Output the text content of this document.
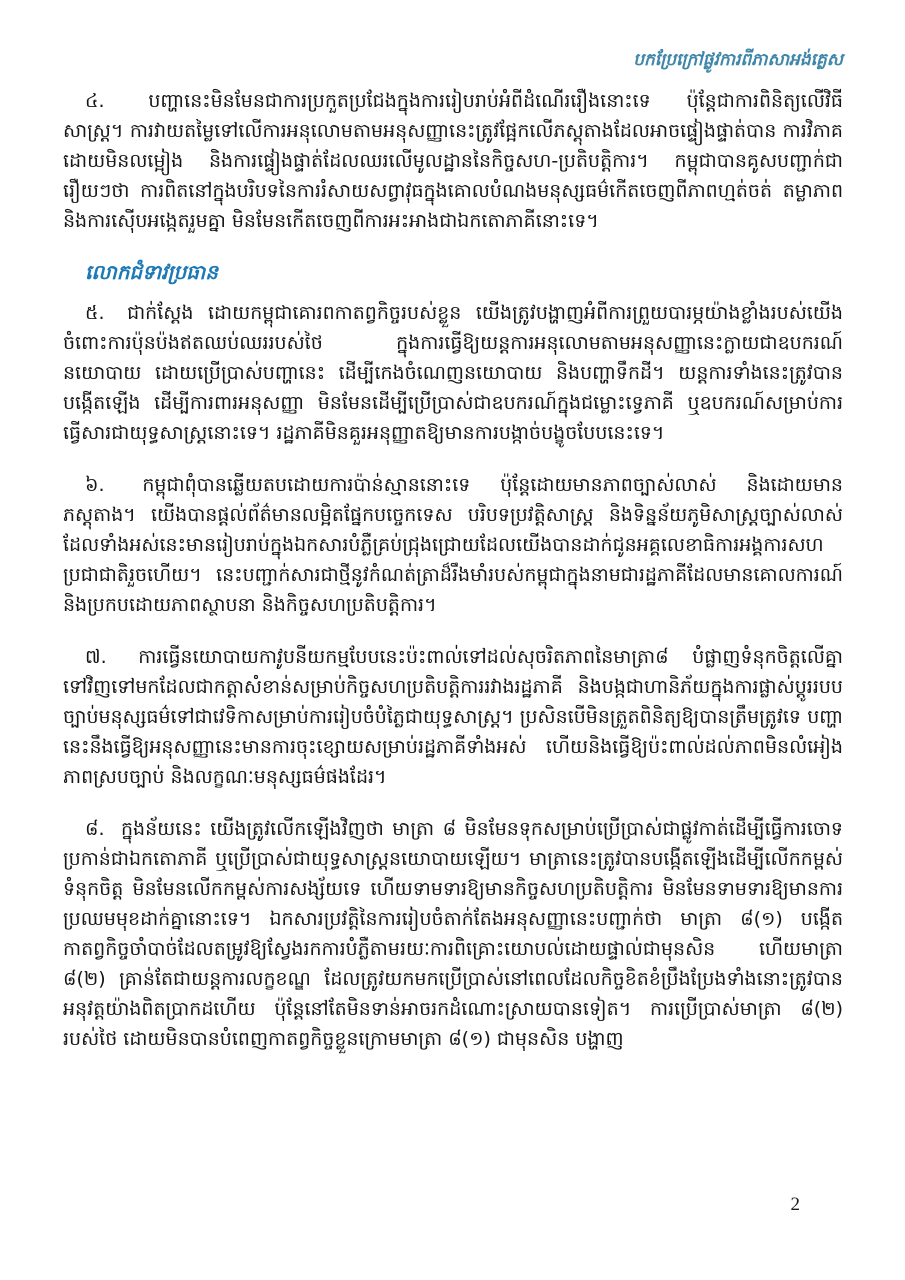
បកប្រែក្រៅផ្លូវការពីភាសាអង់គ្លេស

៤. បញ្ហានេះមិនមែនជាការប្រកួតប្រជែងក្នុងការរៀបរាប់អំពីដំណើររឿងនោះទេ ប៉ុន្តែជាការពិនិត្យលើវិធីសាស្ត្រ។ ការវាយតម្លៃទៅលើការអនុលោមតាមអនុសញ្ញានេះត្រូវផ្អែកលើភស្តុតាងដែលអាចផ្ទៀងផ្ទាត់បាន ការវិភាគដោយមិនលម្អៀង និងការផ្ទៀងផ្ទាត់ដែលឈរលើមូលដ្ឋាននៃកិច្ចសហ-ប្រតិបត្តិការ។ កម្ពុជាបានគូសបញ្ជាក់ជារឿយៗថា ការពិតនៅក្នុងបរិបទនៃការរំសាយសព្វាវុធក្នុងគោលបំណងមនុស្សធម៌កើតចេញពីភាពហ្មត់ចត់ តម្លាភាព និងការស៊ើបអង្កេតរួមគ្នា មិនមែនកើតចេញពីការអះអាងជាឯកតោភាគីនោះទេ។

លោកជំទាវប្រធាន

៥. ជាក់ស្តែង ដោយកម្ពុជាគោរពកាតព្វកិច្ចរបស់ខ្លួន យើងត្រូវបង្ហាញអំពីការព្រួយបារម្ភយ៉ាងខ្លាំងរបស់យើងចំពោះការប៉ុនប៉ងឥតឈប់ឈររបស់ថៃ ក្នុងការធ្វើឱ្យយន្តការអនុលោមតាមអនុសញ្ញានេះក្លាយជាឧបករណ៍នយោបាយ ដោយប្រើប្រាស់បញ្ហានេះ ដើម្បីកេងចំណេញនយោបាយ និងបញ្ហាទឹកដី។ យន្តការទាំងនេះត្រូវបានបង្កើតឡើង ដើម្បីការពារអនុសញ្ញា មិនមែនដើម្បីប្រើប្រាស់ជាឧបករណ៍ក្នុងជម្លោះទ្វេភាគី ឬឧបករណ៍សម្រាប់ការធ្វើសារជាយុទ្ធសាស្ត្រនោះទេ។ រដ្ឋភាគីមិនគួរអនុញ្ញាតឱ្យមានការបង្កាច់បង្ខូចបែបនេះទេ។

៦. កម្ពុជាពុំបានឆ្លើយតបដោយការប៉ាន់ស្មាននោះទេ ប៉ុន្តែដោយមានភាពច្បាស់លាស់ និងដោយមានភស្តុតាង។ យើងបានផ្តល់ព័ត៌មានលម្អិតផ្នែកបច្ចេកទេស បរិបទប្រវត្តិសាស្ត្រ និងទិន្នន័យភូមិសាស្ត្រច្បាស់លាស់ ដែលទាំងអស់នេះមានរៀបរាប់ក្នុងឯកសារបំភ្លឺគ្រប់ជ្រុងជ្រោយដែលយើងបានដាក់ជូនអគ្គលេខាធិការអង្គការសហប្រជាជាតិរួចហើយ។ នេះបញ្ជាក់សារជាថ្មីនូវកំណត់ត្រាដ៏រឹងមាំរបស់កម្ពុជាក្នុងនាមជារដ្ឋភាគីដែលមានគោលការណ៍ និងប្រកបដោយភាពស្ថាបនា និងកិច្ចសហប្រតិបត្តិការ។

៧. ការធ្វើនយោបាយកាវូបនីយកម្មបែបនេះប៉ះពាល់ទៅដល់សុចរិតភាពនៃមាត្រា៨ បំផ្លាញទំនុកចិត្តលើគ្នាទៅវិញទៅមកដែលជាកត្តាសំខាន់សម្រាប់កិច្ចសហប្រតិបត្តិការរវាងរដ្ឋភាគី និងបង្កជាហានិភ័យក្នុងការផ្លាស់ប្តូររបបច្បាប់មនុស្សធម៌ទៅជាវេទិកាសម្រាប់ការរៀបចំបំភ្លៃជាយុទ្ធសាស្ត្រ។ ប្រសិនបើមិនត្រួតពិនិត្យឱ្យបានត្រឹមត្រូវទេ បញ្ហានេះនឹងធ្វើឱ្យអនុសញ្ញានេះមានការចុះខ្សោយសម្រាប់រដ្ឋភាគីទាំងអស់ ហើយនិងធ្វើឱ្យប៉ះពាល់ដល់ភាពមិនលំអៀង ភាពស្របច្បាប់ និងលក្ខណៈមនុស្សធម៌ផងដែរ។

៨. ក្នុងន័យនេះ យើងត្រូវលើកឡើងវិញថា មាត្រា ៨ មិនមែនទុកសម្រាប់ប្រើប្រាស់ជាផ្លូវកាត់ដើម្បីធ្វើការចោទប្រកាន់ជាឯកតោភាគី ឬប្រើប្រាស់ជាយុទ្ធសាស្ត្រនយោបាយឡើយ។ មាត្រានេះត្រូវបានបង្កើតឡើងដើម្បីលើកកម្ពស់ទំនុកចិត្ត មិនមែនលើកកម្ពស់ការសង្ស័យទេ ហើយទាមទារឱ្យមានកិច្ចសហប្រតិបត្តិការ មិនមែនទាមទារឱ្យមានការប្រឈមមុខដាក់គ្នានោះទេ។ ឯកសារប្រវត្តិនៃការរៀបចំតាក់តែងអនុសញ្ញានេះបញ្ជាក់ថា មាត្រា ៨(១) បង្កើតកាតព្វកិច្ចចាំបាច់ដែលតម្រូវឱ្យស្វែងរកការបំភ្លឺតាមរយៈការពិគ្រោះយោបល់ដោយផ្ទាល់ជាមុនសិន ហើយមាត្រា ៨(២) គ្រាន់តែជាយន្តការលក្ខខណ្ឌ ដែលត្រូវយកមកប្រើប្រាស់នៅពេលដែលកិច្ចខិតខំប្រឹងប្រែងទាំងនោះត្រូវបានអនុវត្តយ៉ាងពិតប្រាកដហើយ ប៉ុន្តែនៅតែមិនទាន់អាចរកដំណោះស្រាយបានទៀត។ ការប្រើប្រាស់មាត្រា ៨(២) របស់ថៃ ដោយមិនបានបំពេញកាតព្វកិច្ចខ្លួនក្រោមមាត្រា ៨(១) ជាមុនសិន បង្ហាញ

2
